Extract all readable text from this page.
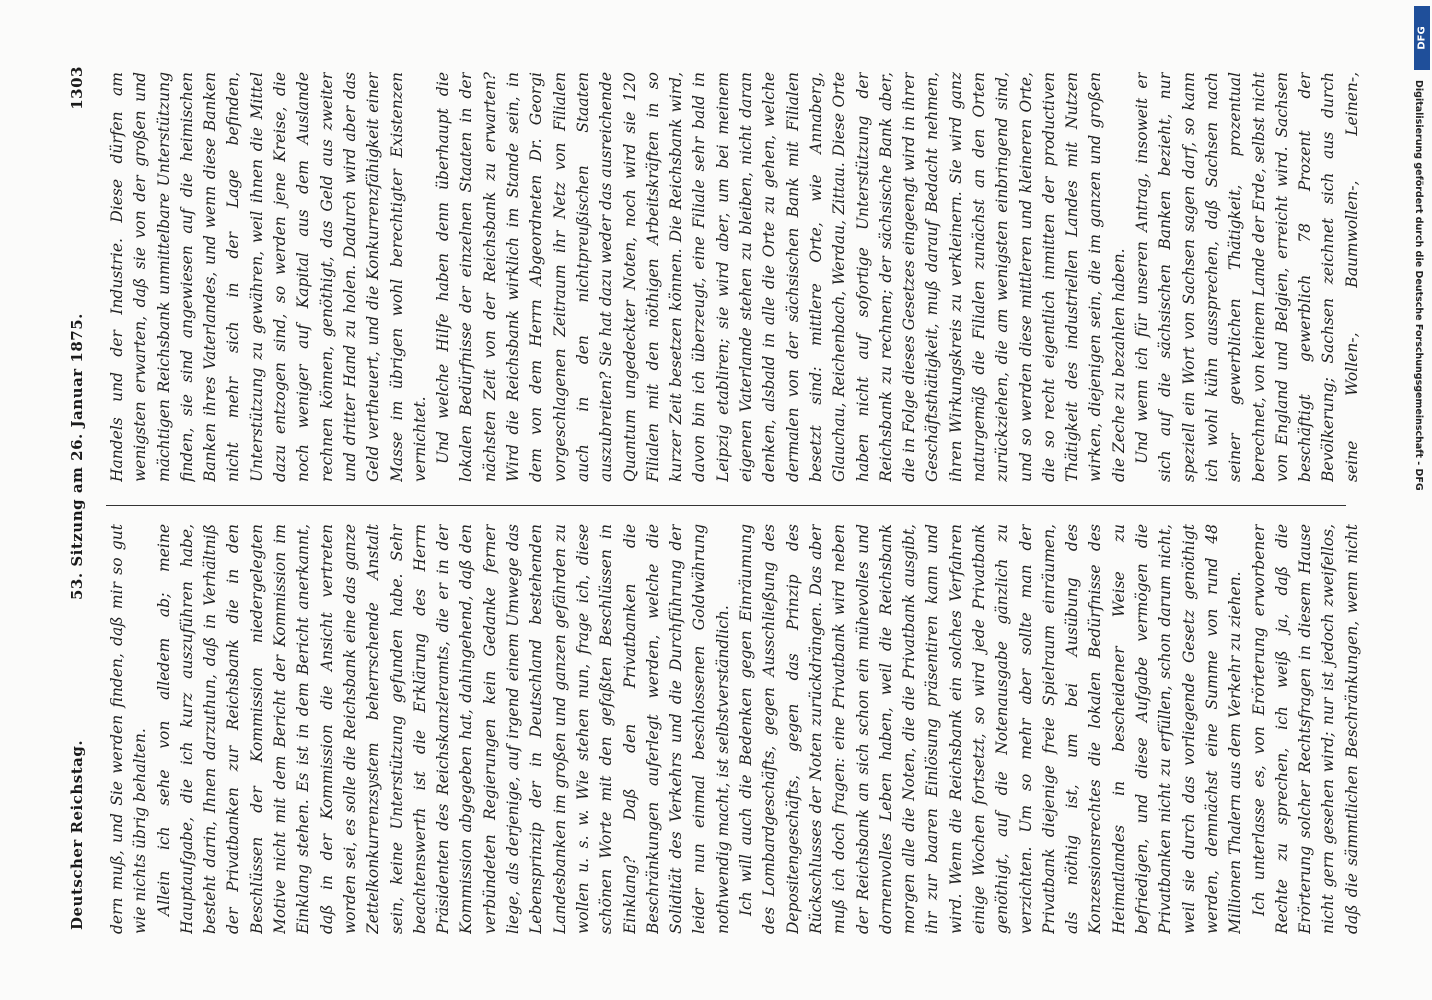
Deutscher Reichstag.
53. Sitzung am 26. Januar 1875.
1303

dern muß, und Sie werden finden, daß mir so gut wie nichts übrig behalten. Allein ich sehe von alledem ab; meine Hauptaufgabe, die ich kurz auszuführen habe, besteht darin, Ihnen darzuthun, daß in Verhältniß der Privatbanken zur Reichsbank die in den Beschlüssen der Kommission niedergelegten Motive nicht mit dem Bericht der Kommission im Einklang stehen. Es ist in dem Bericht anerkannt, daß in der Kommission die Ansicht vertreten worden sei, es solle die Reichsbank eine das ganze Zettelkonkurrenzsystem beherrschende Anstalt sein, keine Unterstützung gefunden habe. Sehr beachtenswerth ist die Erklärung des Herrn Präsidenten des Reichskanzleramts, die er in der Kommission abgegeben hat, dahingehend, daß den verbündeten Regierungen kein Gedanke ferner liege, als derjenige, auf irgend einem Umwege das Lebensprinzip der in Deutschland bestehenden Landesbanken im großen und ganzen gefährden zu wollen u. s. w. Wie stehen nun, frage ich, diese schönen Worte mit den gefaßten Beschlüssen in Einklang? Daß den Privatbanken die Beschränkungen auferlegt werden, welche die Solidität des Verkehrs und die Durchführung der leider nun einmal beschlossenen Goldwährung nothwendig macht, ist selbstverständlich. Ich will auch die Bedenken gegen Einräumung des Lombardgeschäfts, gegen Ausschließung des Depositengeschäfts, gegen das Prinzip des Rückschlusses der Noten zurückdrängen. Das aber muß ich doch fragen: eine Privatbank wird neben der Reichsbank an sich schon ein mühevolles und dornenvolles Leben haben, weil die Reichsbank morgen alle die Noten, die die Privatbank ausgibt, ihr zur baaren Einlösung präsentiren kann und wird. Wenn die Reichsbank ein solches Verfahren einige Wochen fortsetzt, so wird jede Privatbank genöthigt, auf die Notenausgabe gänzlich zu verzichten. Um so mehr aber sollte man der Privatbank diejenige freie Spielraum einräumen, als nöthig ist, um bei Ausübung des Konzessionsrechtes die lokalen Bedürfnisse des Heimatlandes in bescheidener Weise zu befriedigen, und diese Aufgabe vermögen die Privatbanken nicht zu erfüllen, schon darum nicht, weil sie durch das vorliegende Gesetz genöthigt werden, demnächst eine Summe von rund 48 Millionen Thalern aus dem Verkehr zu ziehen. Ich unterlasse es, von Erörterung erworbener Rechte zu sprechen, ich weiß ja, daß die Erörterung solcher Rechtsfragen in diesem Hause nicht gern gesehen wird; nur ist jedoch zweifellos, daß die sämmtlichen Beschränkungen, wenn nicht

Handels und der Industrie. Diese dürfen am wenigsten erwarten, daß sie von der großen und mächtigen Reichsbank unmittelbare Unterstützung finden, sie sind angewiesen auf die heimischen Banken ihres Vaterlandes, und wenn diese Banken nicht mehr sich in der Lage befinden, Unterstützung zu gewähren, weil ihnen die Mittel dazu entzogen sind, so werden jene Kreise, die noch weniger auf Kapital aus dem Auslande rechnen können, genöthigt, das Geld aus zweiter und dritter Hand zu holen. Dadurch wird aber das Geld vertheuert, und die Konkurrenzfähigkeit einer Masse im übrigen wohl berechtigter Existenzen vernichtet. Und welche Hilfe haben denn überhaupt die lokalen Bedürfnisse der einzelnen Staaten in der nächsten Zeit von der Reichsbank zu erwarten? Wird die Reichsbank wirklich im Stande sein, in dem von dem Herrn Abgeordneten Dr. Georgi vorgeschlagenen Zeitraum ihr Netz von Filialen auch in den nichtpreußischen Staaten auszubreiten? Sie hat dazu weder das ausreichende Quantum ungedeckter Noten, noch wird sie 120 Filialen mit den nöthigen Arbeitskräften in so kurzer Zeit besetzen können. Die Reichsbank wird, davon bin ich überzeugt, eine Filiale sehr bald in Leipzig etabliren; sie wird aber, um bei meinem eigenen Vaterlande stehen zu bleiben, nicht daran denken, alsbald in alle die Orte zu gehen, welche dermalen von der sächsischen Bank mit Filialen besetzt sind: mittlere Orte, wie Annaberg, Glauchau, Reichenbach, Werdau, Zittau. Diese Orte haben nicht auf sofortige Unterstützung der Reichsbank zu rechnen; der sächsische Bank aber, die in Folge dieses Gesetzes eingeengt wird in ihrer Geschäftsthätigkeit, muß darauf Bedacht nehmen, ihren Wirkungskreis zu verkleinern. Sie wird ganz naturgemäß die Filialen zunächst an den Orten zurückziehen, die am wenigsten einbringend sind, und so werden diese mittleren und kleineren Orte, die so recht eigentlich inmitten der productiven Thätigkeit des industriellen Landes mit Nutzen wirken, diejenigen sein, die im ganzen und großen die Zeche zu bezahlen haben. Und wenn ich für unseren Antrag, insoweit er sich auf die sächsischen Banken bezieht, nur speziell ein Wort von Sachsen sagen darf, so kann ich wohl kühn aussprechen, daß Sachsen nach seiner gewerblichen Thätigkeit, prozentual berechnet, von keinem Lande der Erde, selbst nicht von England und Belgien, erreicht wird. Sachsen beschäftigt gewerblich 78 Prozent der Bevölkerung; Sachsen zeichnet sich aus durch seine Wollen-, Baumwollen-, Leinen-,

DFG
Digitalisierung gefördert durch die Deutsche Forschungsgemeinschaft - DFG
